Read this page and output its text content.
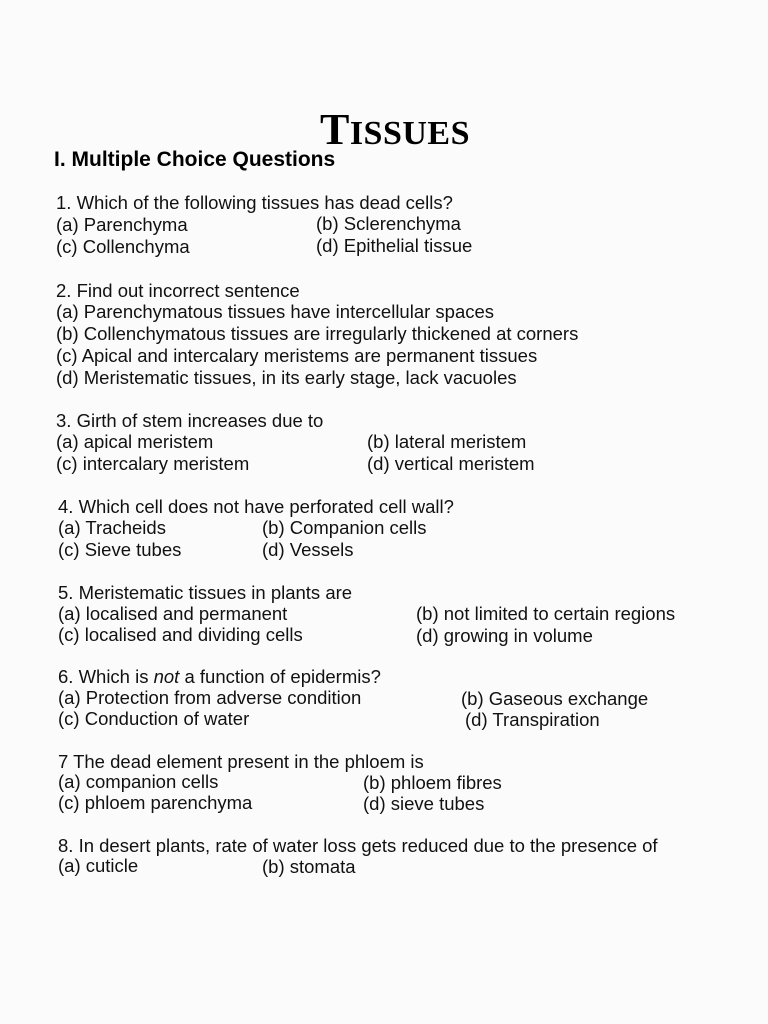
TISSUES
I. Multiple Choice Questions
1. Which of the following tissues has dead cells?
(a) Parenchyma	(b) Sclerenchyma
(c) Collenchyma	(d) Epithelial tissue
2. Find out incorrect sentence
(a) Parenchymatous tissues have intercellular spaces
(b) Collenchymatous tissues are irregularly thickened at corners
(c) Apical and intercalary meristems are permanent tissues
(d) Meristematic tissues, in its early stage, lack vacuoles
3. Girth of stem increases due to
(a) apical meristem	(b) lateral meristem
(c) intercalary meristem	(d) vertical meristem
4. Which cell does not have perforated cell wall?
(a) Tracheids	(b) Companion cells
(c) Sieve tubes	(d) Vessels
5. Meristematic tissues in plants are
(a) localised and permanent	(b) not limited to certain regions
(c) localised and dividing cells	(d) growing in volume
6. Which is not a function of epidermis?
(a) Protection from adverse condition	(b) Gaseous exchange
(c) Conduction of water	(d) Transpiration
7 The dead element present in the phloem is
(a) companion cells	(b) phloem fibres
(c) phloem parenchyma	(d) sieve tubes
8. In desert plants, rate of water loss gets reduced due to the presence of
(a) cuticle	(b) stomata
